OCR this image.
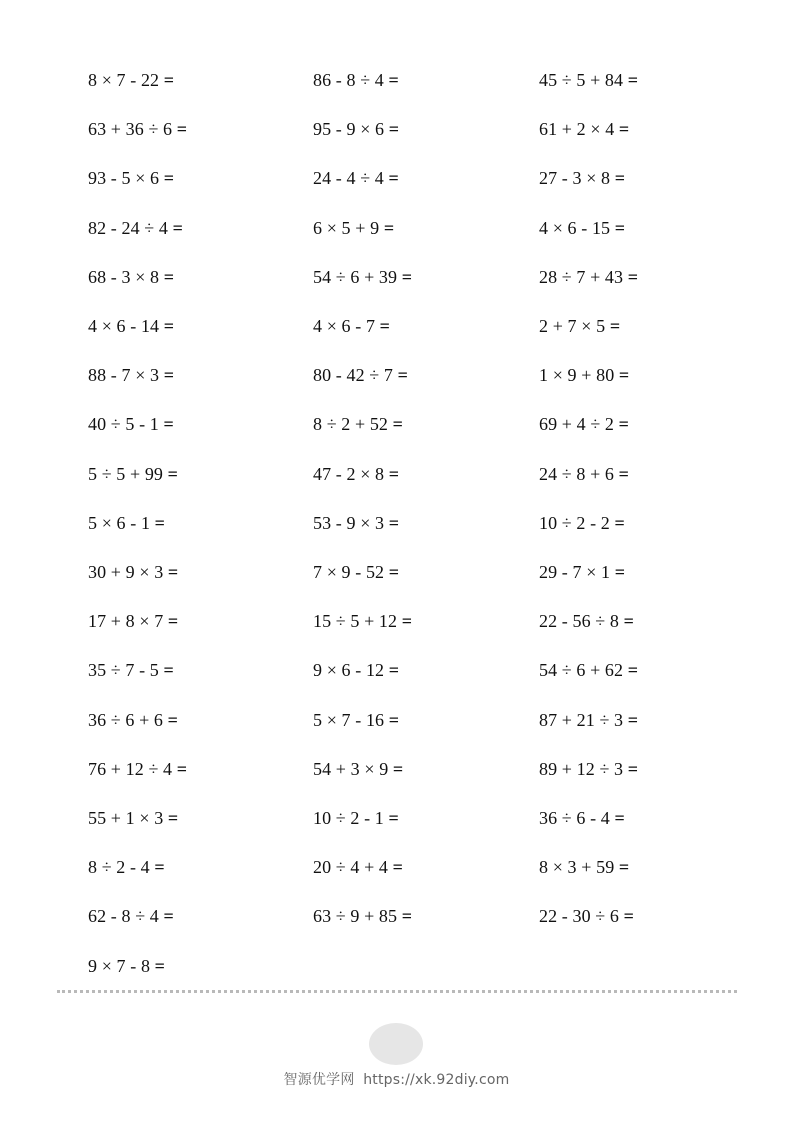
8 × 7 - 22 =
63 + 36 ÷ 6 =
93 - 5 × 6 =
82 - 24 ÷ 4 =
68 - 3 × 8 =
4 × 6 - 14 =
88 - 7 × 3 =
40 ÷ 5 - 1 =
5 ÷ 5 + 99 =
5 × 6 - 1 =
30 + 9 × 3 =
17 + 8 × 7 =
35 ÷ 7 - 5 =
36 ÷ 6 + 6 =
76 + 12 ÷ 4 =
55 + 1 × 3 =
8 ÷ 2 - 4 =
62 - 8 ÷ 4 =
9 × 7 - 8 =
86 - 8 ÷ 4 =
95 - 9 × 6 =
24 - 4 ÷ 4 =
6 × 5 + 9 =
54 ÷ 6 + 39 =
4 × 6 - 7 =
80 - 42 ÷ 7 =
8 ÷ 2 + 52 =
47 - 2 × 8 =
53 - 9 × 3 =
7 × 9 - 52 =
15 ÷ 5 + 12 =
9 × 6 - 12 =
5 × 7 - 16 =
54 + 3 × 9 =
10 ÷ 2 - 1 =
20 ÷ 4 + 4 =
63 ÷ 9 + 85 =
45 ÷ 5 + 84 =
61 + 2 × 4 =
27 - 3 × 8 =
4 × 6 - 15 =
28 ÷ 7 + 43 =
2 + 7 × 5 =
1 × 9 + 80 =
69 + 4 ÷ 2 =
24 ÷ 8 + 6 =
10 ÷ 2 - 2 =
29 - 7 × 1 =
22 - 56 ÷ 8 =
54 ÷ 6 + 62 =
87 + 21 ÷ 3 =
89 + 12 ÷ 3 =
36 ÷ 6 - 4 =
8 × 3 + 59 =
22 - 30 ÷ 6 =
智源优学网 https://xk.92diy.com
